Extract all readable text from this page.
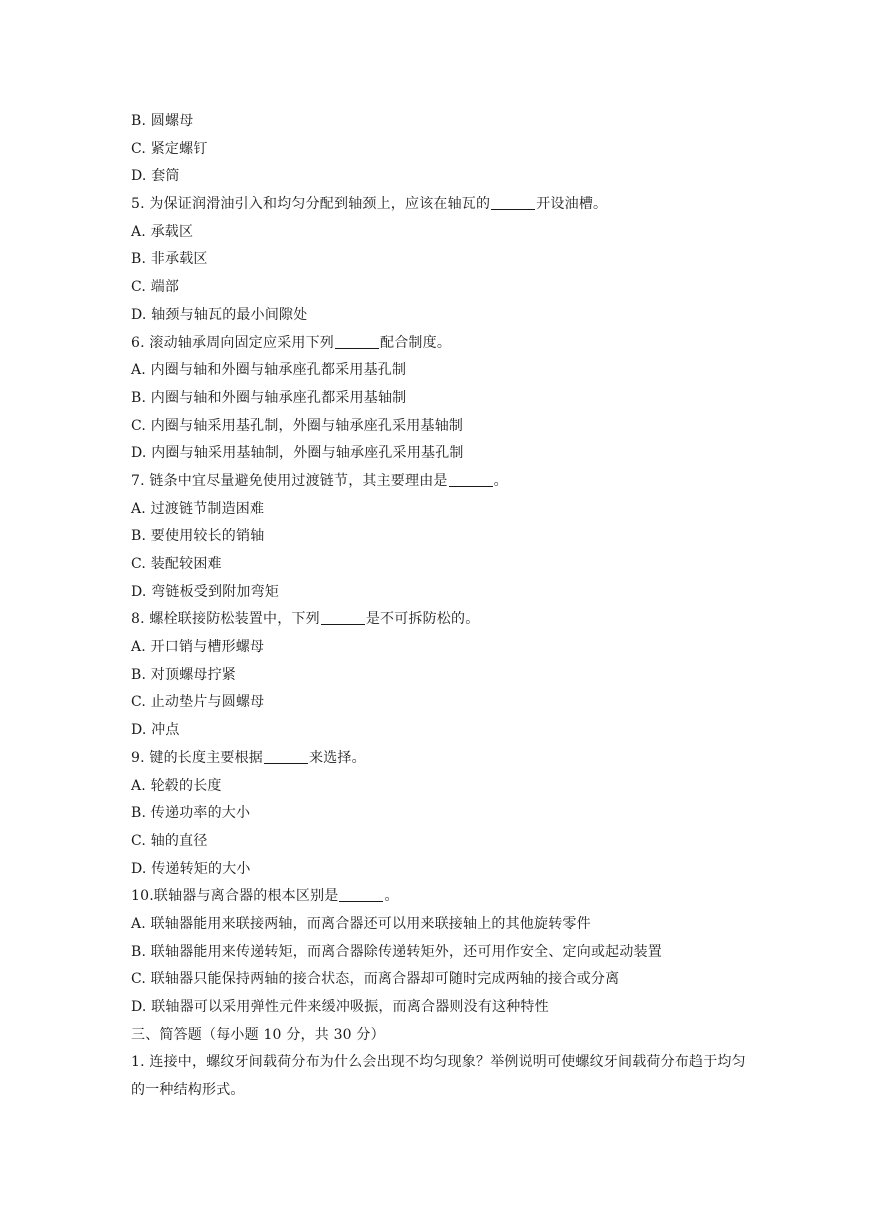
B. 圆螺母
C. 紧定螺钉
D. 套筒
5. 为保证润滑油引入和均匀分配到轴颈上，应该在轴瓦的	开设油槽。
A. 承载区
B. 非承载区
C. 端部
D. 轴颈与轴瓦的最小间隙处
6. 滚动轴承周向固定应采用下列	配合制度。
A. 内圈与轴和外圈与轴承座孔都采用基孔制
B. 内圈与轴和外圈与轴承座孔都采用基轴制
C. 内圈与轴采用基孔制，外圈与轴承座孔采用基轴制
D. 内圈与轴采用基轴制，外圈与轴承座孔采用基孔制
7. 链条中宜尽量避免使用过渡链节，其主要理由是	。
A. 过渡链节制造困难
B. 要使用较长的销轴
C. 装配较困难
D. 弯链板受到附加弯矩
8. 螺栓联接防松装置中，下列	是不可拆防松的。
A. 开口销与槽形螺母
B. 对顶螺母拧紧
C. 止动垫片与圆螺母
D. 冲点
9. 键的长度主要根据	来选择。
A. 轮毂的长度
B. 传递功率的大小
C. 轴的直径
D. 传递转矩的大小
10.联轴器与离合器的根本区别是	。
A. 联轴器能用来联接两轴，而离合器还可以用来联接轴上的其他旋转零件
B. 联轴器能用来传递转矩，而离合器除传递转矩外，还可用作安全、定向或起动装置
C. 联轴器只能保持两轴的接合状态，而离合器却可随时完成两轴的接合或分离
D. 联轴器可以采用弹性元件来缓冲吸振，而离合器则没有这种特性
三、简答题（每小题 10 分，共 30 分）
1. 连接中，螺纹牙间载荷分布为什么会出现不均匀现象？举例说明可使螺纹牙间载荷分布趋于均匀的一种结构形式。
